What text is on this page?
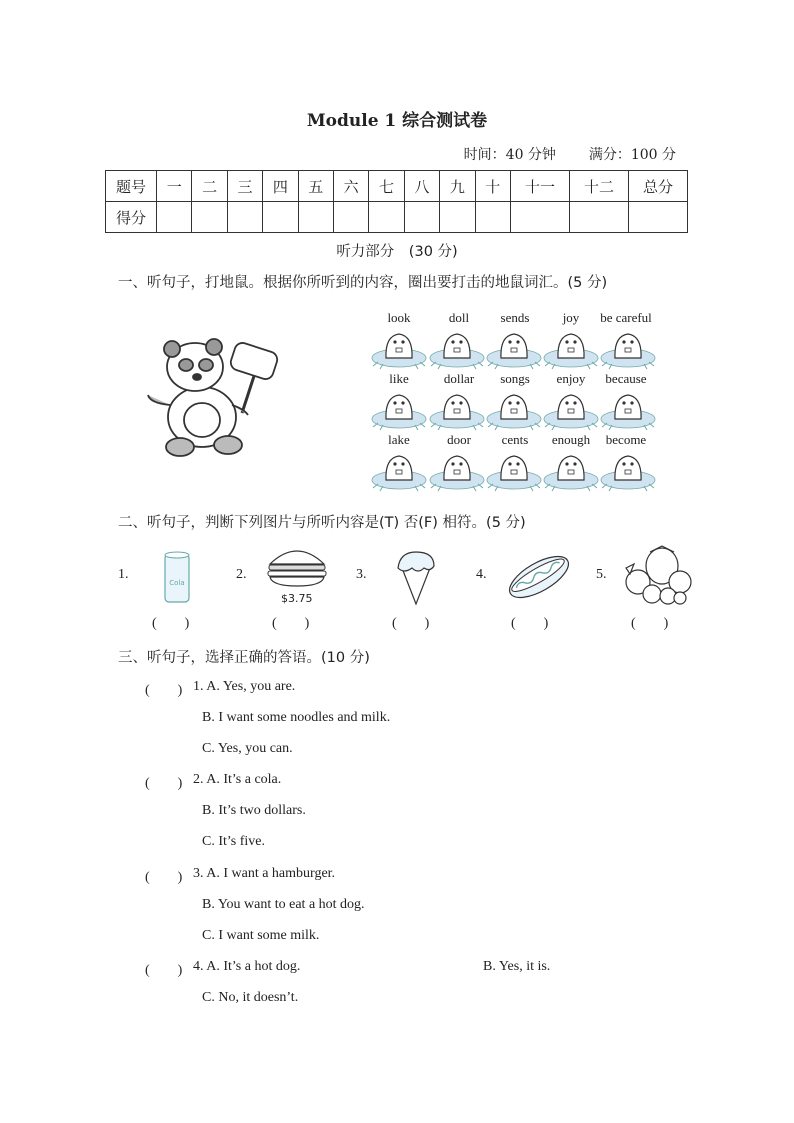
Module 1 综合测试卷
时间：40 分钟 满分：100 分
题号	一	二	三	四	五	六	七	八	九	十	十一	十二	总分
得分													
听力部分　(30 分)
一、听句子，打地鼠。根据你所听到的内容，圈出要打击的地鼠词汇。(5 分)
look	doll	sends	joy	be careful
like	dollar	songs	enjoy	because
lake	door	cents	enough	become
二、听句子，判断下列图片与所听内容是(T) 否(F) 相符。(5 分)
1.
Cola
2.
$3.75
3.	4.	5.
(　　)	(　　)	(　　)	(　　)	(　　)
三、听句子，选择正确的答语。(10 分)
(　　) 1. A. Yes, you are.
B. I want some noodles and milk.
C. Yes, you can.
(　　) 2. A. It’s a cola.
B. It’s two dollars.
C. It’s five.
(　　) 3. A. I want a hamburger.
B. You want to eat a hot dog.
C. I want some milk.
(　　) 4. A. It’s a hot dog.	B. Yes, it is.
C. No, it doesn’t.
